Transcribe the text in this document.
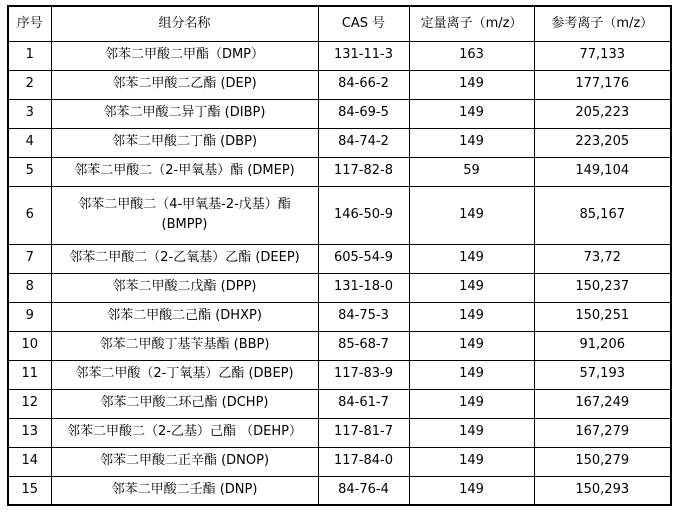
序号	组分名称	CAS 号	定量离子（m/z）	参考离子（m/z）
1	邻苯二甲酸二甲酯（DMP）	131-11-3	163	77,133
2	邻苯二甲酸二乙酯 (DEP)	84-66-2	149	177,176
3	邻苯二甲酸二异丁酯 (DIBP)	84-69-5	149	205,223
4	邻苯二甲酸二丁酯 (DBP)	84-74-2	149	223,205
5	邻苯二甲酸二（2-甲氧基）酯 (DMEP)	117-82-8	59	149,104
6	邻苯二甲酸二（4-甲氧基-2-戊基）酯 (BMPP)	146-50-9	149	85,167
7	邻苯二甲酸二（2-乙氧基）乙酯 (DEEP)	605-54-9	149	73,72
8	邻苯二甲酸二戊酯 (DPP)	131-18-0	149	150,237
9	邻苯二甲酸二己酯 (DHXP)	84-75-3	149	150,251
10	邻苯二甲酸丁基苄基酯 (BBP)	85-68-7	149	91,206
11	邻苯二甲酸（2-丁氧基）乙酯 (DBEP)	117-83-9	149	57,193
12	邻苯二甲酸二环己酯 (DCHP)	84-61-7	149	167,249
13	邻苯二甲酸二（2-乙基）己酯 （DEHP）	117-81-7	149	167,279
14	邻苯二甲酸二正辛酯 (DNOP)	117-84-0	149	150,279
15	邻苯二甲酸二壬酯 (DNP)	84-76-4	149	150,293
